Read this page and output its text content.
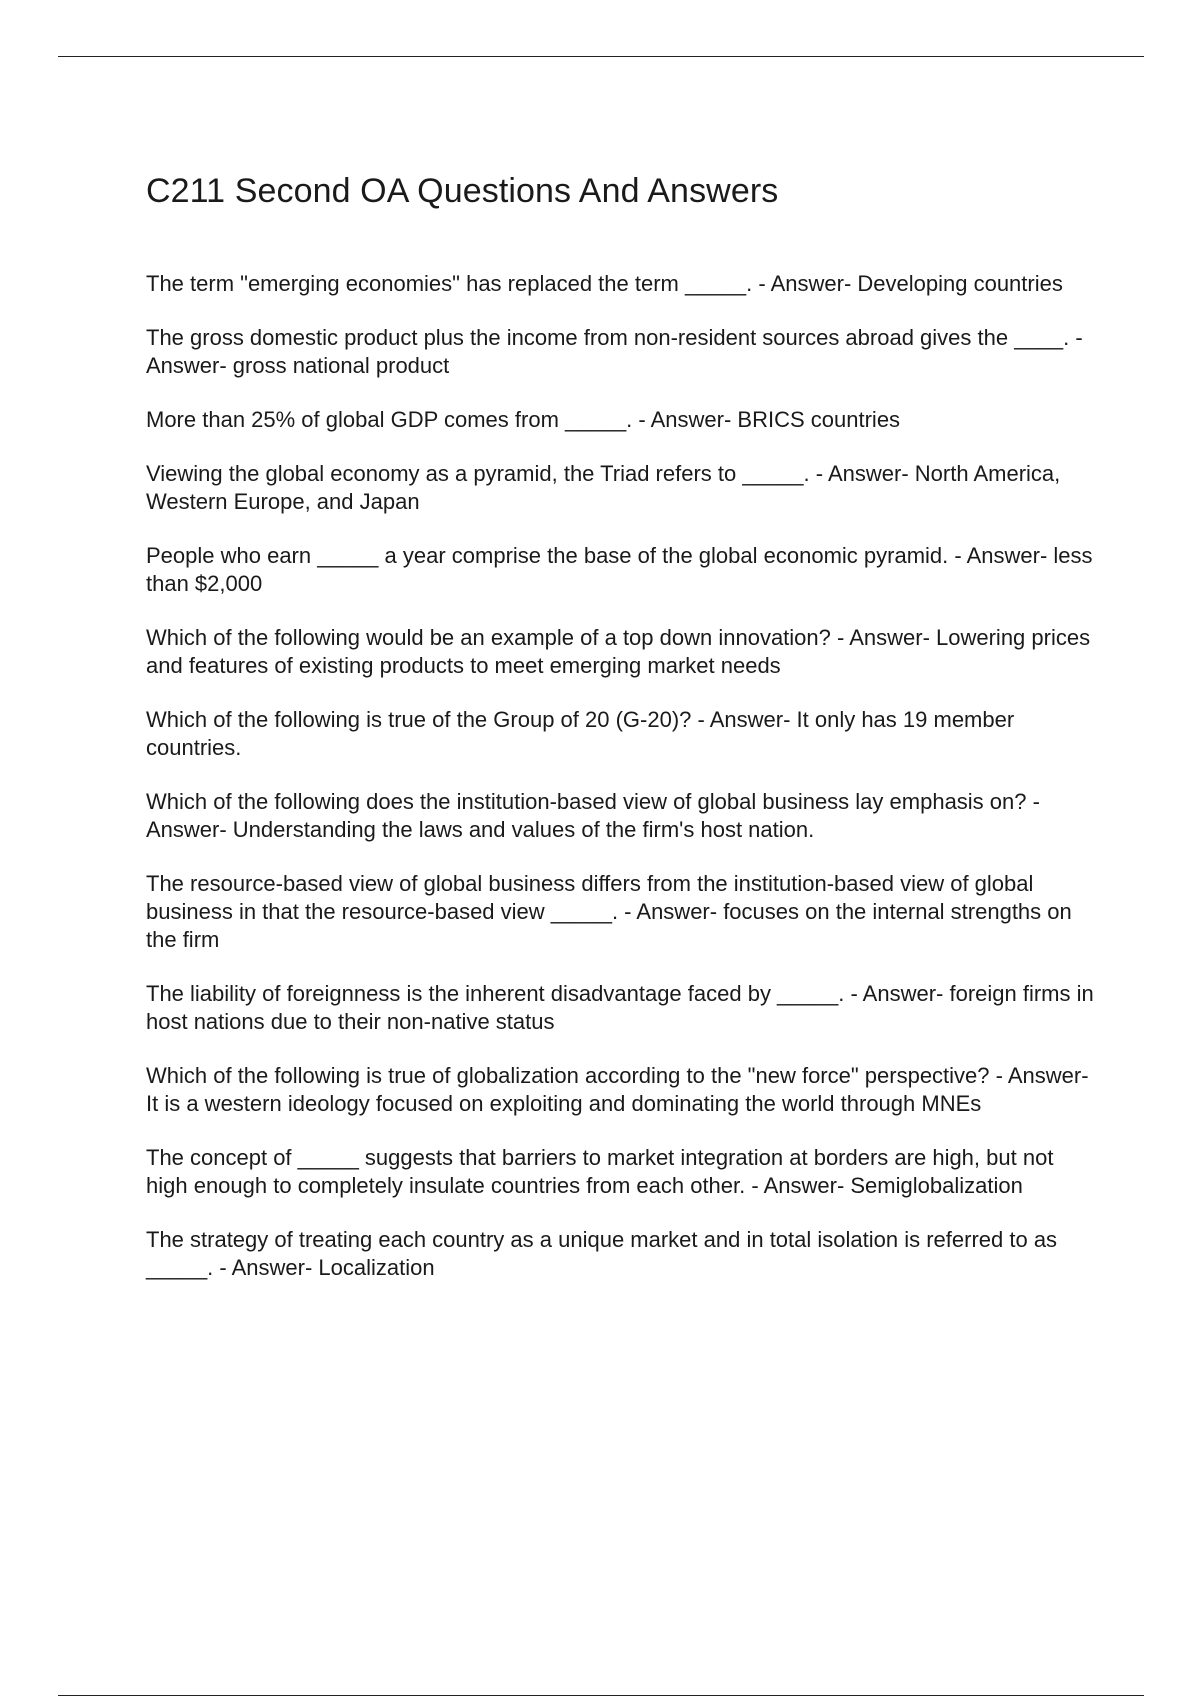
C211 Second OA Questions And Answers

The term "emerging economies" has replaced the term _____. - Answer- Developing countries

The gross domestic product plus the income from non-resident sources abroad gives the ____. - Answer- gross national product

More than 25% of global GDP comes from _____. - Answer- BRICS countries

Viewing the global economy as a pyramid, the Triad refers to _____. - Answer- North America, Western Europe, and Japan

People who earn _____ a year comprise the base of the global economic pyramid. - Answer- less than $2,000

Which of the following would be an example of a top down innovation? - Answer- Lowering prices and features of existing products to meet emerging market needs

Which of the following is true of the Group of 20 (G-20)? - Answer- It only has 19 member countries.

Which of the following does the institution-based view of global business lay emphasis on? - Answer- Understanding the laws and values of the firm's host nation.

The resource-based view of global business differs from the institution-based view of global business in that the resource-based view _____. - Answer- focuses on the internal strengths on the firm

The liability of foreignness is the inherent disadvantage faced by _____. - Answer- foreign firms in host nations due to their non-native status

Which of the following is true of globalization according to the "new force" perspective? - Answer- It is a western ideology focused on exploiting and dominating the world through MNEs

The concept of _____ suggests that barriers to market integration at borders are high, but not high enough to completely insulate countries from each other. - Answer- Semiglobalization

The strategy of treating each country as a unique market and in total isolation is referred to as _____. - Answer- Localization
